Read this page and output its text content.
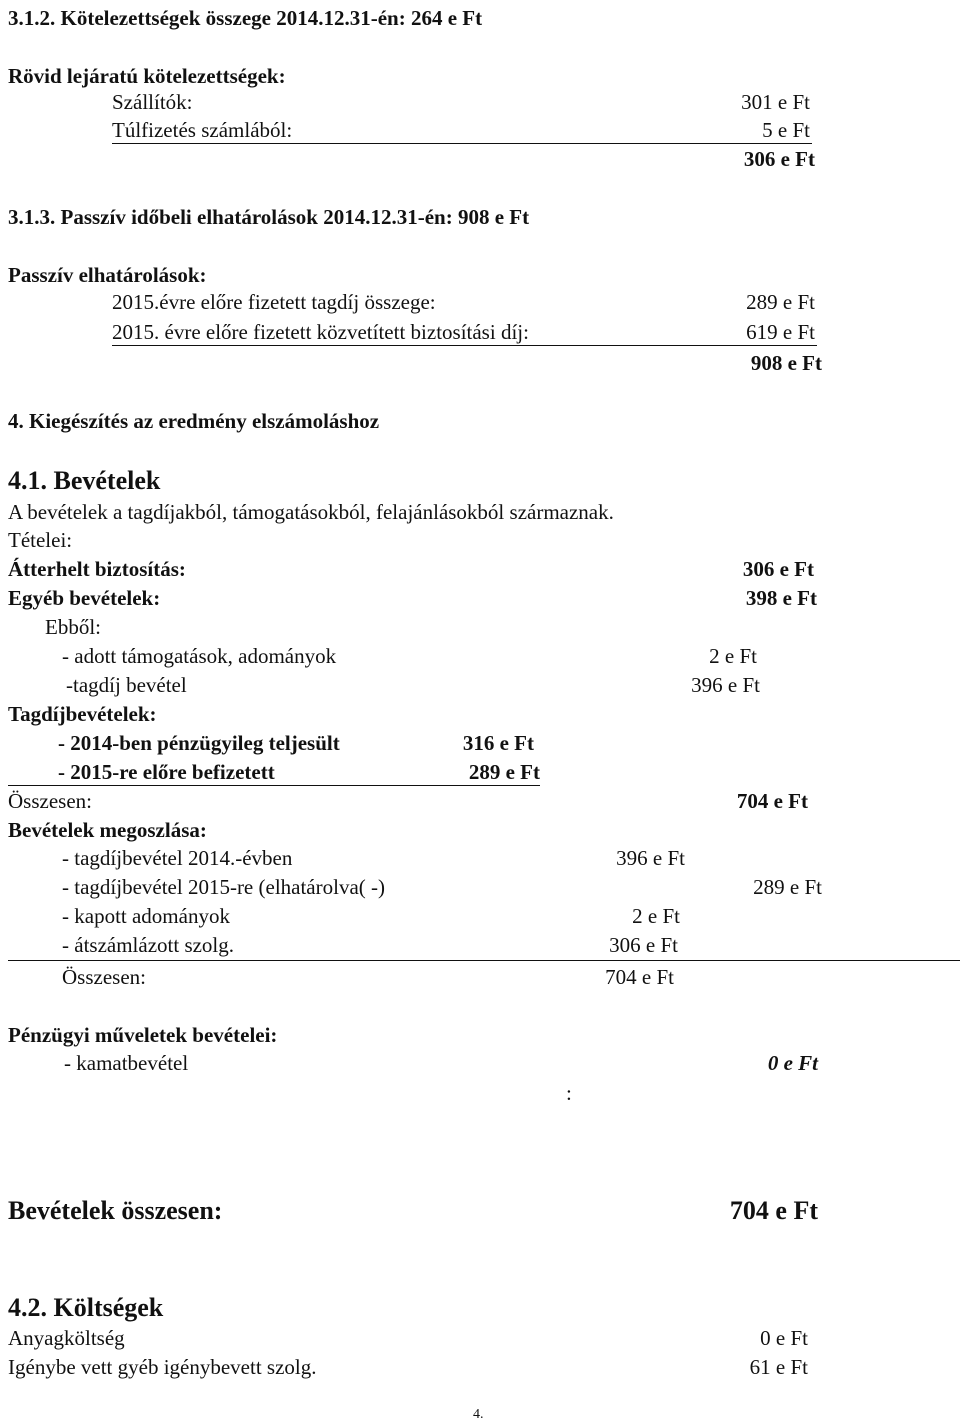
3.1.2. Kötelezettségek összege 2014.12.31-én: 264 e Ft
Rövid lejáratú kötelezettségek:
Szállítók:	301 e Ft
Túlfizetés számlából:	5 e Ft
306 e Ft
3.1.3. Passzív időbeli elhatárolások 2014.12.31-én: 908 e Ft
Passzív elhatárolások:
2015.évre előre fizetett tagdíj összege:	289 e Ft
2015. évre előre fizetett közvetített biztosítási díj:	619 e Ft
908 e Ft
4. Kiegészítés az eredmény elszámoláshoz
4.1. Bevételek
A bevételek a tagdíjakból, támogatásokból, felajánlásokból származnak.
Tételei:
Átterhelt biztosítás:	306 e Ft
Egyéb bevételek:	398 e Ft
Ebből:
- adott támogatások, adományok	2 e Ft
-tagdíj bevétel	396 e Ft
Tagdíjbevételek:
- 2014-ben pénzügyileg teljesült	316 e Ft
- 2015-re előre befizetett	289 e Ft
Összesen:	704 e Ft
Bevételek megoszlása:
- tagdíjbevétel 2014.-évben	396 e Ft
- tagdíjbevétel 2015-re (elhatárolva( -)	289 e Ft
- kapott adományok	2 e Ft
- átszámlázott szolg.	306 e Ft
Összesen:	704 e Ft
Pénzügyi műveletek bevételei:
- kamatbevétel	0 e Ft
:
Bevételek összesen:	704 e Ft
4.2. Költségek
Anyagköltség	0 e Ft
Igénybe vett gyéb igénybevett szolg.	61 e Ft
4.
